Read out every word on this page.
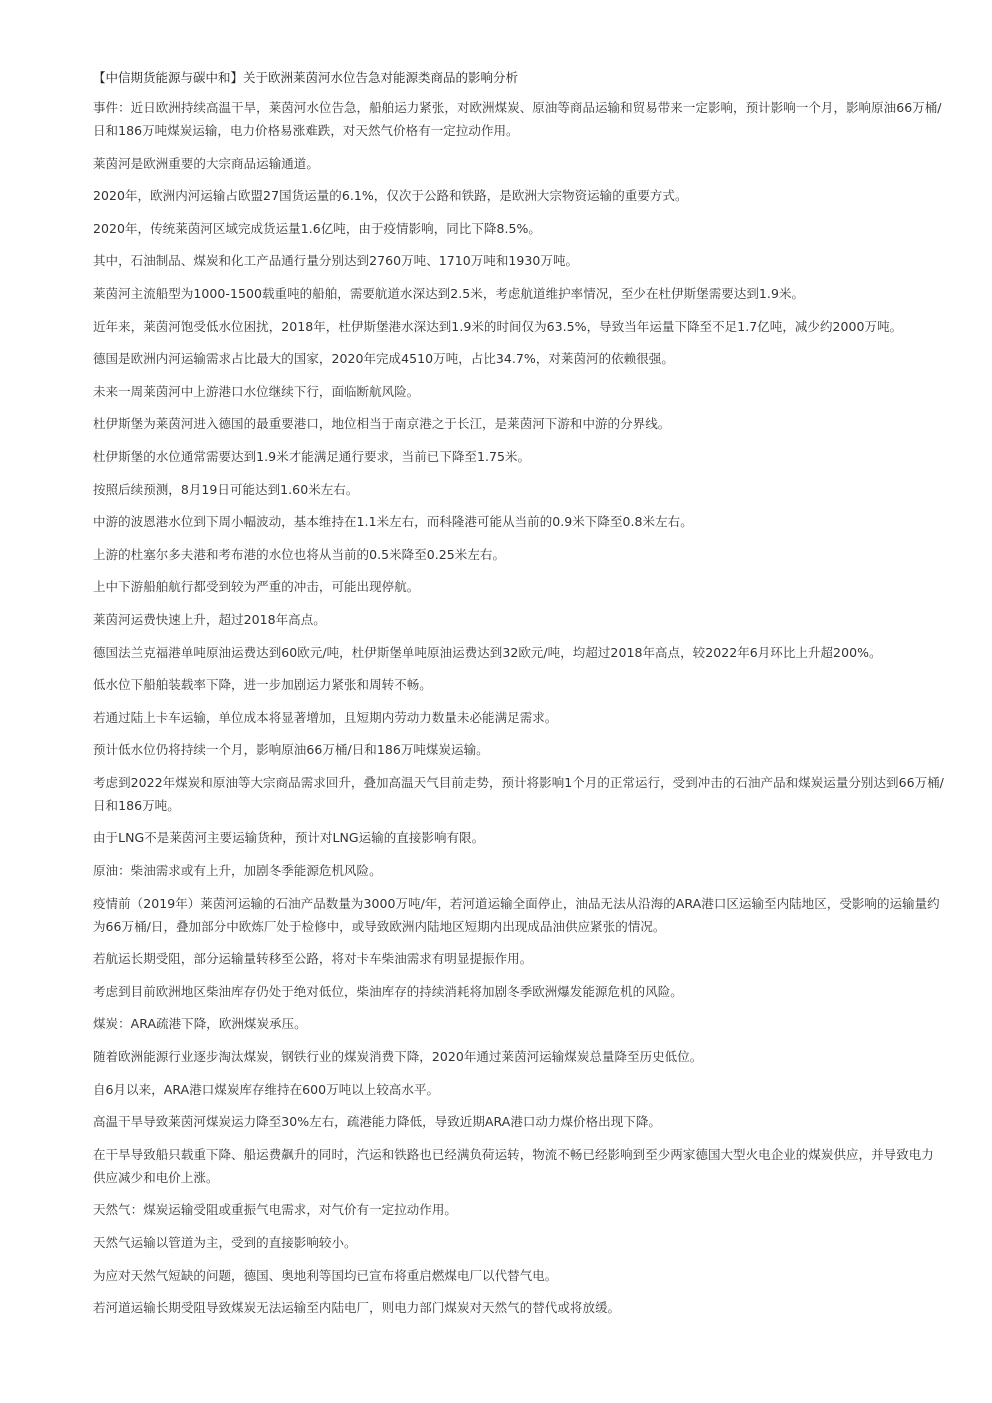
【中信期货能源与碳中和】关于欧洲莱茵河水位告急对能源类商品的影响分析

事件：近日欧洲持续高温干旱，莱茵河水位告急，船舶运力紧张，对欧洲煤炭、原油等商品运输和贸易带来一定影响，预计影响一个月，影响原油66万桶/日和186万吨煤炭运输，电力价格易涨难跌，对天然气价格有一定拉动作用。

莱茵河是欧洲重要的大宗商品运输通道。

2020年，欧洲内河运输占欧盟27国货运量的6.1%，仅次于公路和铁路，是欧洲大宗物资运输的重要方式。

2020年，传统莱茵河区域完成货运量1.6亿吨，由于疫情影响，同比下降8.5%。

其中，石油制品、煤炭和化工产品通行量分别达到2760万吨、1710万吨和1930万吨。

莱茵河主流船型为1000-1500载重吨的船舶，需要航道水深达到2.5米，考虑航道维护率情况，至少在杜伊斯堡需要达到1.9米。

近年来，莱茵河饱受低水位困扰，2018年，杜伊斯堡港水深达到1.9米的时间仅为63.5%，导致当年运量下降至不足1.7亿吨，减少约2000万吨。

德国是欧洲内河运输需求占比最大的国家，2020年完成4510万吨，占比34.7%，对莱茵河的依赖很强。

未来一周莱茵河中上游港口水位继续下行，面临断航风险。

杜伊斯堡为莱茵河进入德国的最重要港口，地位相当于南京港之于长江，是莱茵河下游和中游的分界线。

杜伊斯堡的水位通常需要达到1.9米才能满足通行要求，当前已下降至1.75米。

按照后续预测，8月19日可能达到1.60米左右。

中游的波恩港水位到下周小幅波动，基本维持在1.1米左右，而科隆港可能从当前的0.9米下降至0.8米左右。

上游的杜塞尔多夫港和考布港的水位也将从当前的0.5米降至0.25米左右。

上中下游船舶航行都受到较为严重的冲击，可能出现停航。

莱茵河运费快速上升，超过2018年高点。

德国法兰克福港单吨原油运费达到60欧元/吨，杜伊斯堡单吨原油运费达到32欧元/吨，均超过2018年高点，较2022年6月环比上升超200%。

低水位下船舶装载率下降，进一步加剧运力紧张和周转不畅。

若通过陆上卡车运输，单位成本将显著增加，且短期内劳动力数量未必能满足需求。

预计低水位仍将持续一个月，影响原油66万桶/日和186万吨煤炭运输。

考虑到2022年煤炭和原油等大宗商品需求回升，叠加高温天气目前走势，预计将影响1个月的正常运行，受到冲击的石油产品和煤炭运量分别达到66万桶/日和186万吨。

由于LNG不是莱茵河主要运输货种，预计对LNG运输的直接影响有限。

原油：柴油需求或有上升，加剧冬季能源危机风险。

疫情前（2019年）莱茵河运输的石油产品数量为3000万吨/年，若河道运输全面停止，油品无法从沿海的ARA港口区运输至内陆地区，受影响的运输量约为66万桶/日，叠加部分中欧炼厂处于检修中，或导致欧洲内陆地区短期内出现成品油供应紧张的情况。

若航运长期受阻，部分运输量转移至公路，将对卡车柴油需求有明显提振作用。

考虑到目前欧洲地区柴油库存仍处于绝对低位，柴油库存的持续消耗将加剧冬季欧洲爆发能源危机的风险。

煤炭：ARA疏港下降，欧洲煤炭承压。

随着欧洲能源行业逐步淘汰煤炭，钢铁行业的煤炭消费下降，2020年通过莱茵河运输煤炭总量降至历史低位。

自6月以来，ARA港口煤炭库存维持在600万吨以上较高水平。

高温干旱导致莱茵河煤炭运力降至30%左右，疏港能力降低，导致近期ARA港口动力煤价格出现下降。

在干旱导致船只载重下降、船运费飙升的同时，汽运和铁路也已经满负荷运转，物流不畅已经影响到至少两家德国大型火电企业的煤炭供应，并导致电力供应减少和电价上涨。

天然气：煤炭运输受阻或重振气电需求，对气价有一定拉动作用。

天然气运输以管道为主，受到的直接影响较小。

为应对天然气短缺的问题，德国、奥地利等国均已宣布将重启燃煤电厂以代替气电。

若河道运输长期受阻导致煤炭无法运输至内陆电厂，则电力部门煤炭对天然气的替代或将放缓。
